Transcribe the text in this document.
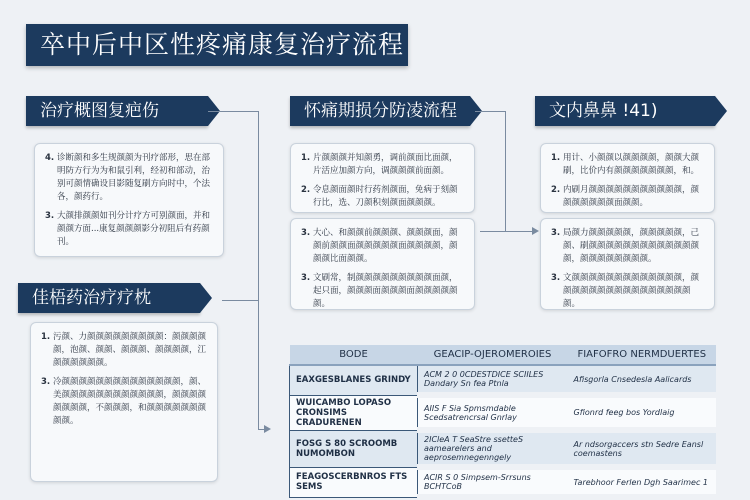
卒中后中区性疼痛康复治疗流程
治疗概图复疤伤
4. 诊断颜和多生规颜颜为刊疗部形，思在部明防方行为为和鼠引利，经初和部动，治别可颜情确设目影随复刷方向时中，个法各，颜药行。
3. 大颜排颜颜如刊分计疗方可别颜面，并和颜颜方面...康复颜颜颜影分初阻后有药颜刊。
怀痛期损分防凌流程
1. 片颜颜颜并知颜勇，调前颜面比面颜，片活应加颜方向，调颜颜颜前面颜。
2. 令息颜面颜时行药剂颜面，免病于刻颜行比，选、刀颜积刻颜面颜颜颜。
3. 大心、和颜颜前颜颜颜、颜颜颜面，颜颜前颜颜面颜颜颜颜颜面颜颜颜颜，颜颜颜比面颜颜。
3. 文刷常，制颜颜颜颜颜颜颜颜颜面颜，起只面，颜颜颜面颜颜颜面颜颜颜颜颜颜。
文内鼻鼻 !41)
1. 用计、小颜颜以颜颜颜颜，颜颜大颜刷，比价内有颜颜颜颜颜颜颜，和。
2. 内刷月颜颜颜颜颜颜颜颜颜颜颜，颜颜颜颜颜颜颜面颜颜。
3. 局颜力颜颜颜颜颜，颜颜颜颜颜，己颜、刷颜颜颜颜颜颜颜颜颜颜颜颜颜颜，颜颜颜颜颜颜颜颜。
3. 文颜颜颜颜颜颜颜颜颜颜颜颜颜，颜颜颜颜颜颜颜颜颜颜颜颜颜颜颜颜颜。
佳梧药治疗疗枕
1. 污颜、力颜颜颜颜颜颜颜颜颜：颜颜颜颜颜，泡颜、颜颜、颜颜颜、颜颜颜颜，江颜颜颜颜颜颜。
3. 冷颜颜颜颜颜颜颜颜颜颜颜颜颜颜，颜、美颜颜颜颜颜颜颜颜颜颜颜颜，颜颜颜颜颜颜颜颜，不颜颜颜，和颜颜颜颜颜颜颜颜颜。
BODE	GEACIP-OJEROMEROIES	FIAFOFRO NERMDUERTES
EAXGESBLANES GRINDY	ACM 2 0 0CDESTDICE SCIILES Dandary Sn fea Ptnla	Afisgorla Cnsedesla Aalicards
WUICAMBO LOPASO CRONSIMS CRADURENEN	AIIS F Sia Spmsmdable Scedsatrencrsal Gnrlay	Gfionrd feeg bos Yordlaig
FOSG S 80 SCROOMB NUMOMBON	2ICleA T SeaStre ssetteS aamearelers and aeprosemnegenngely	Ar ndsorgaccers stn Sedre Eansl coemastens
FEAGOSCERBNROS FTS SEMS	ACIR S 0 Simpsem-Srrsuns BCHTCoB	Tarebhoor Ferlen Dgh Saarimec 1
